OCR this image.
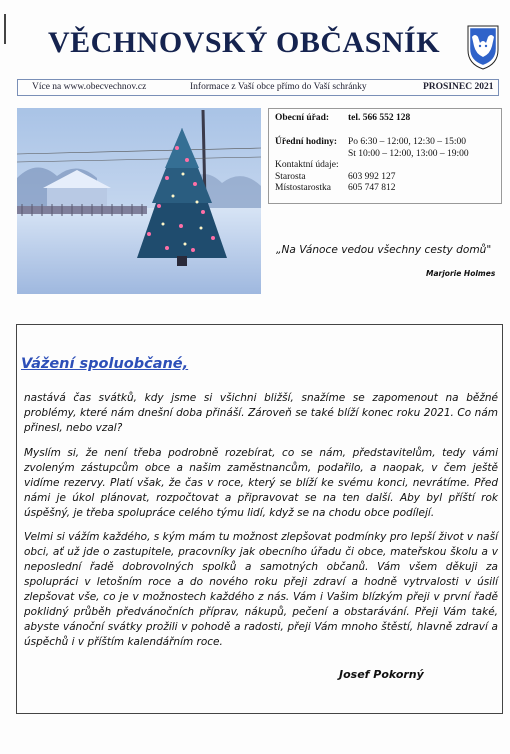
VĚCHNOVSKÝ OBČASNÍK
Více na www.obecvechnov.cz	Informace z Vaší obce přímo do Vaší schránky	PROSINEC 2021
Obecní úřad: tel. 566 552 128
Úřední hodiny: Po 6:30 – 12:00, 12:30 – 15:00
St 10:00 – 12:00, 13:00 – 19:00
Kontaktní údaje:
Starosta	603 992 127
Místostarostka 605 747 812
„Na Vánoce vedou všechny cesty domů"
Marjorie Holmes
Vážení spoluobčané,
nastává čas svátků, kdy jsme si všichni bližší, snažíme se zapomenout na běžné problémy, které nám dnešní doba přináší. Zároveň se také blíží konec roku 2021. Co nám přinesl, nebo vzal?
Myslím si, že není třeba podrobně rozebírat, co se nám, představitelům, tedy vámi zvoleným zástupcům obce a našim zaměstnancům, podařilo, a naopak, v čem ještě vidíme rezervy. Platí však, že čas v roce, který se blíží ke svému konci, nevrátíme. Před námi je úkol plánovat, rozpočtovat a připravovat se na ten další. Aby byl příští rok úspěšný, je třeba spolupráce celého týmu lidí, když se na chodu obce podílejí.
Velmi si vážím každého, s kým mám tu možnost zlepšovat podmínky pro lepší život v naší obci, ať už jde o zastupitele, pracovníky jak obecního úřadu či obce, mateřskou školu a v neposlední řadě dobrovolných spolků a samotných občanů. Vám všem děkuji za spolupráci v letošním roce a do nového roku přeji zdraví a hodně vytrvalosti v úsilí zlepšovat vše, co je v možnostech každého z nás. Vám i Vašim blízkým přeji v první řadě poklidný průběh předvánočních příprav, nákupů, pečení a obstarávání. Přeji Vám také, abyste vánoční svátky prožili v pohodě a radosti, přeji Vám mnoho štěstí, hlavně zdraví a úspěchů i v příštím kalendářním roce.
Josef Pokorný
